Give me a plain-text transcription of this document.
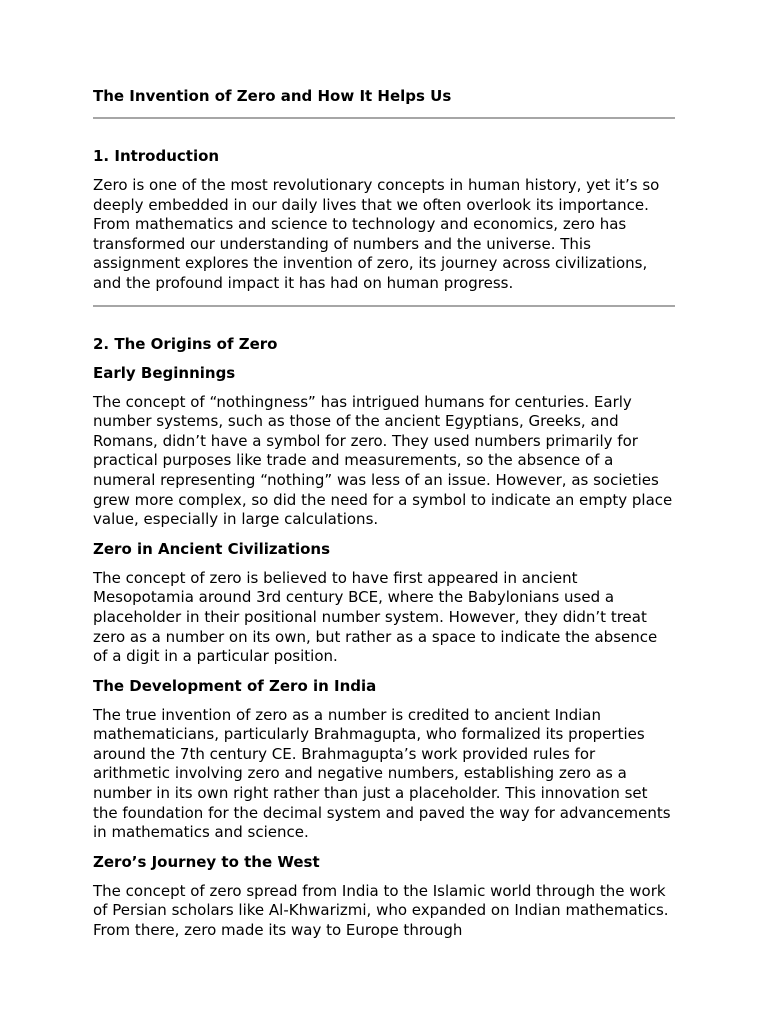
The Invention of Zero and How It Helps Us
1. Introduction

Zero is one of the most revolutionary concepts in human history, yet it’s so deeply embedded in our daily lives that we often overlook its importance. From mathematics and science to technology and economics, zero has transformed our understanding of numbers and the universe. This assignment explores the invention of zero, its journey across civilizations, and the profound impact it has had on human progress.

2. The Origins of Zero
Early Beginnings

The concept of “nothingness” has intrigued humans for centuries. Early number systems, such as those of the ancient Egyptians, Greeks, and Romans, didn’t have a symbol for zero. They used numbers primarily for practical purposes like trade and measurements, so the absence of a numeral representing “nothing” was less of an issue. However, as societies grew more complex, so did the need for a symbol to indicate an empty place value, especially in large calculations.

Zero in Ancient Civilizations

The concept of zero is believed to have first appeared in ancient Mesopotamia around 3rd century BCE, where the Babylonians used a placeholder in their positional number system. However, they didn’t treat zero as a number on its own, but rather as a space to indicate the absence of a digit in a particular position.

The Development of Zero in India

The true invention of zero as a number is credited to ancient Indian mathematicians, particularly Brahmagupta, who formalized its properties around the 7th century CE. Brahmagupta’s work provided rules for arithmetic involving zero and negative numbers, establishing zero as a number in its own right rather than just a placeholder. This innovation set the foundation for the decimal system and paved the way for advancements in mathematics and science.

Zero’s Journey to the West

The concept of zero spread from India to the Islamic world through the work of Persian scholars like Al-Khwarizmi, who expanded on Indian mathematics. From there, zero made its way to Europe through
